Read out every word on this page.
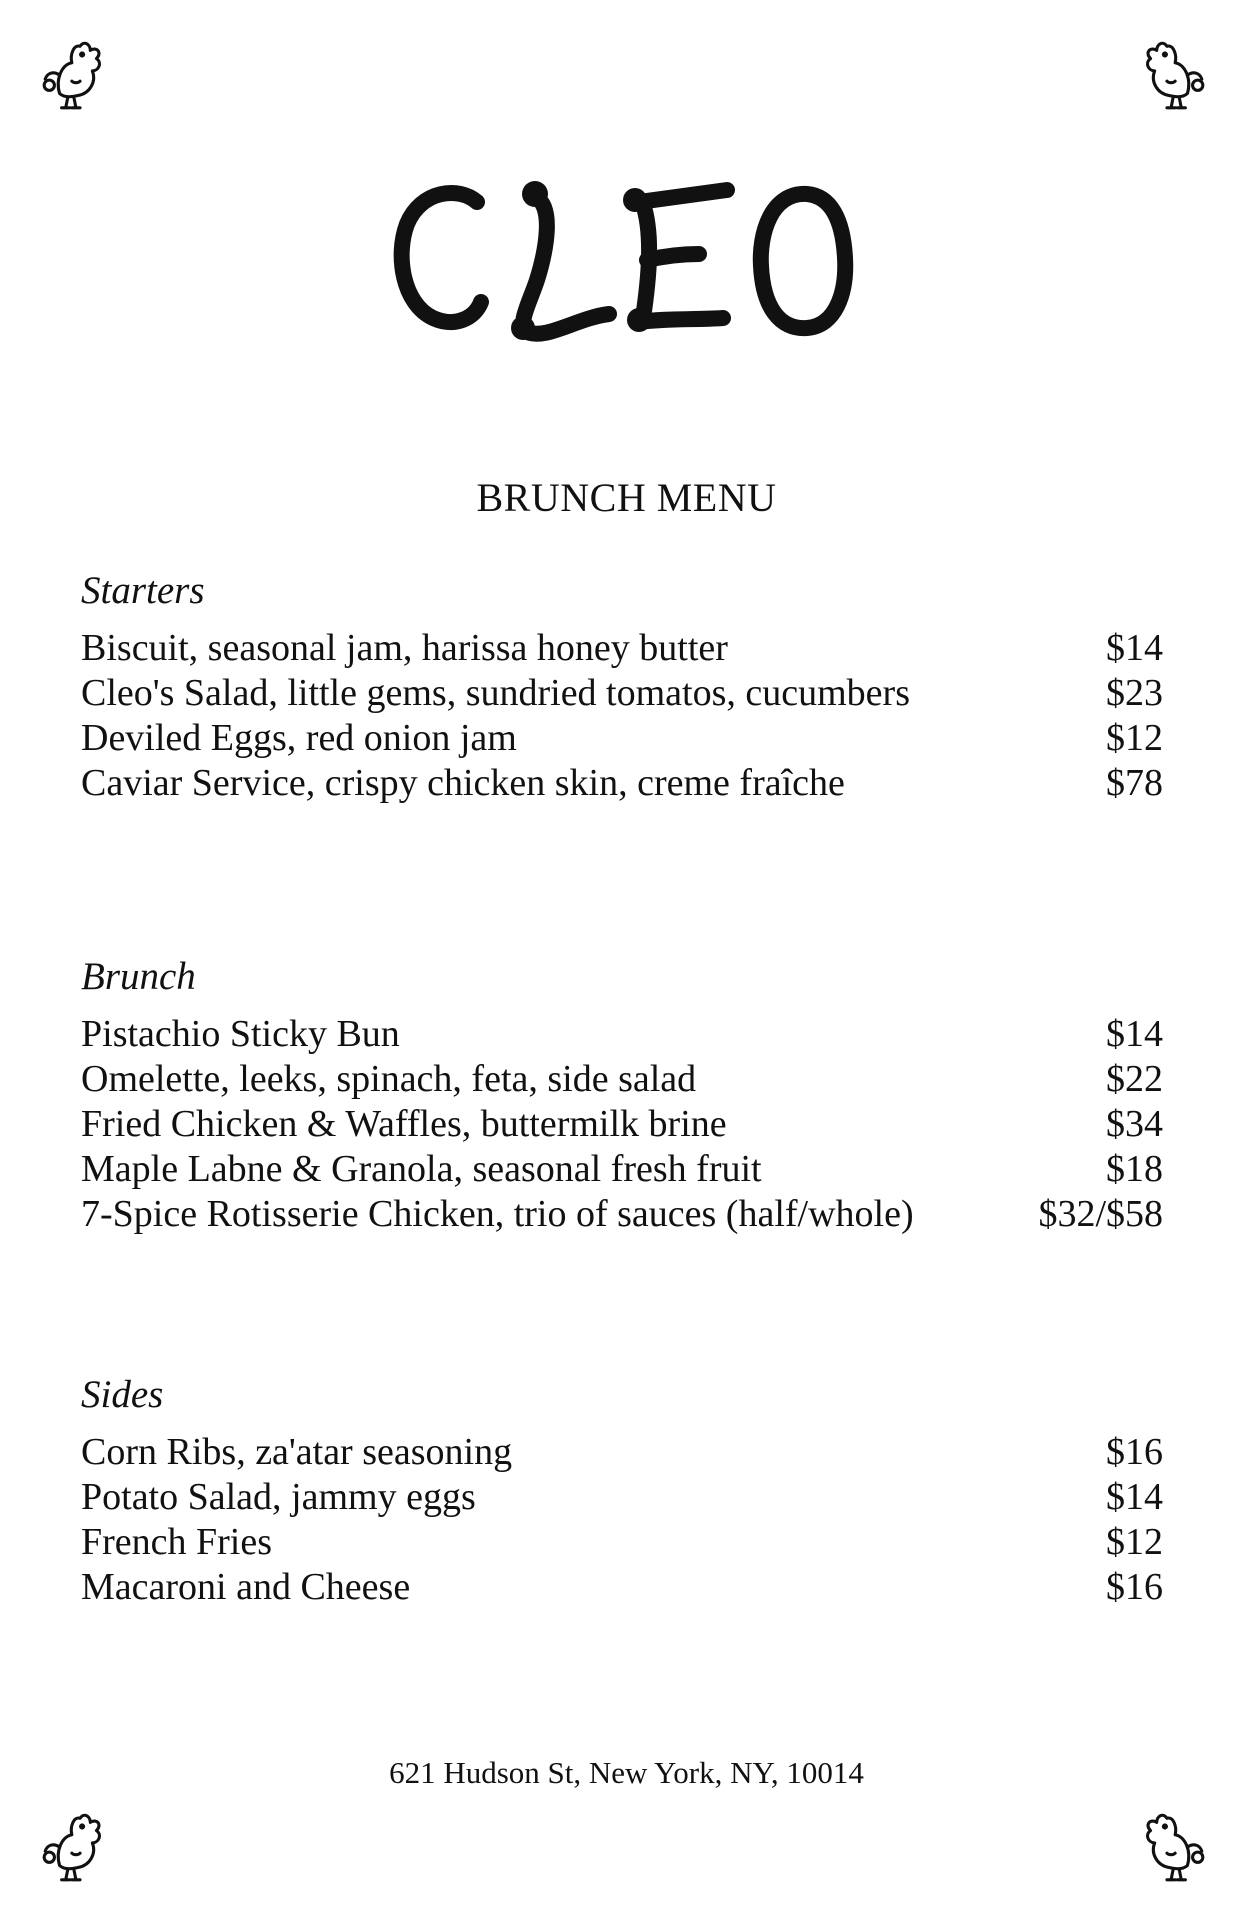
BRUNCH MENU
Starters
Biscuit, seasonal jam, harissa honey butter	$14
Cleo's Salad, little gems, sundried tomatos, cucumbers	$23
Deviled Eggs, red onion jam	$12
Caviar Service, crispy chicken skin, creme fraîche	$78
Brunch
Pistachio Sticky Bun	$14
Omelette, leeks, spinach, feta, side salad	$22
Fried Chicken & Waffles, buttermilk brine	$34
Maple Labne & Granola, seasonal fresh fruit	$18
7-Spice Rotisserie Chicken, trio of sauces (half/whole)	$32/$58
Sides
Corn Ribs, za'atar seasoning	$16
Potato Salad, jammy eggs	$14
French Fries	$12
Macaroni and Cheese	$16
621 Hudson St, New York, NY, 10014
